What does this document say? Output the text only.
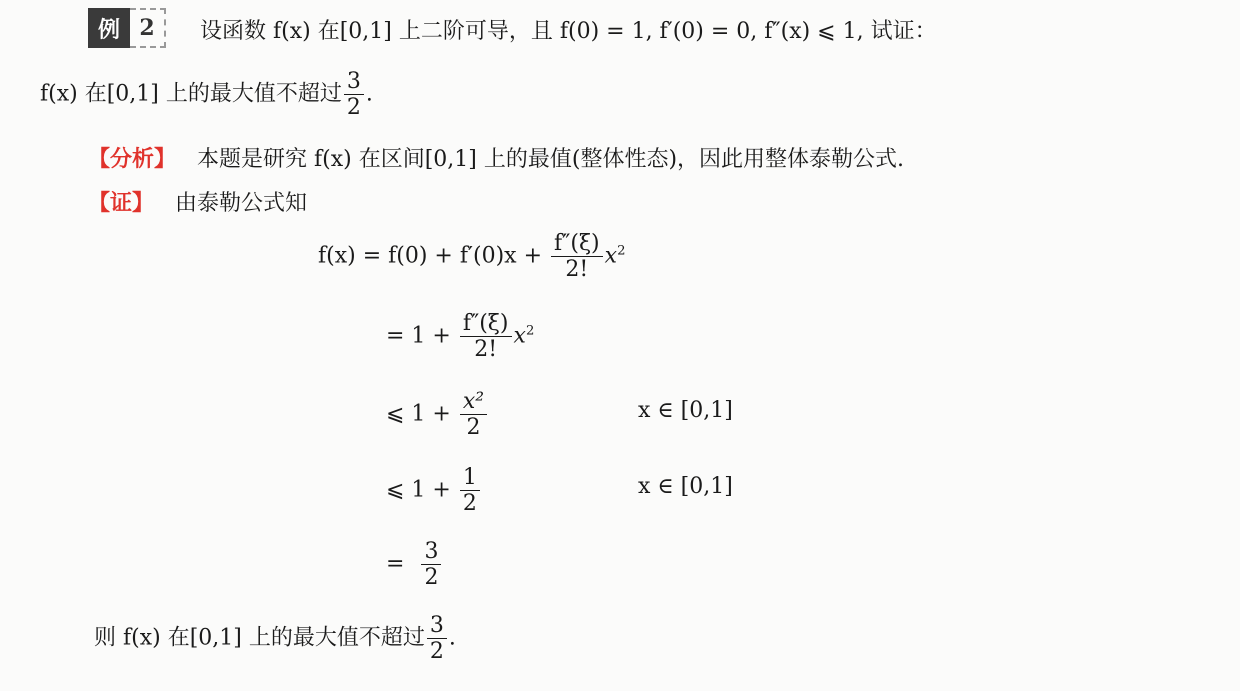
例 2	设函数 f(x) 在[0,1] 上二阶可导，且 f(0) = 1, f′(0) = 0, f″(x) ⩽ 1, 试证：
f(x) 在[0,1] 上的最大值不超过 $\frac{3}{2}$ .
【分析】 本题是研究 f(x) 在区间[0,1] 上的最值(整体性态)，因此用整体泰勒公式.
【证】 由泰勒公式知
$f(x) = f(0) + f'(0)x + \frac{f''(\xi)}{2!} x^2$
= $1 + \frac{f''(\xi)}{2!} x^2$
⩽ $1 + \frac{\text{x²}}{2}$	x ∈ [0,1]
⩽ $1 + \frac{1}{2}$	x ∈ [0,1]
= $\frac{3}{2}$
则 f(x) 在[0,1] 上的最大值不超过 $\frac{3}{2}$ .
